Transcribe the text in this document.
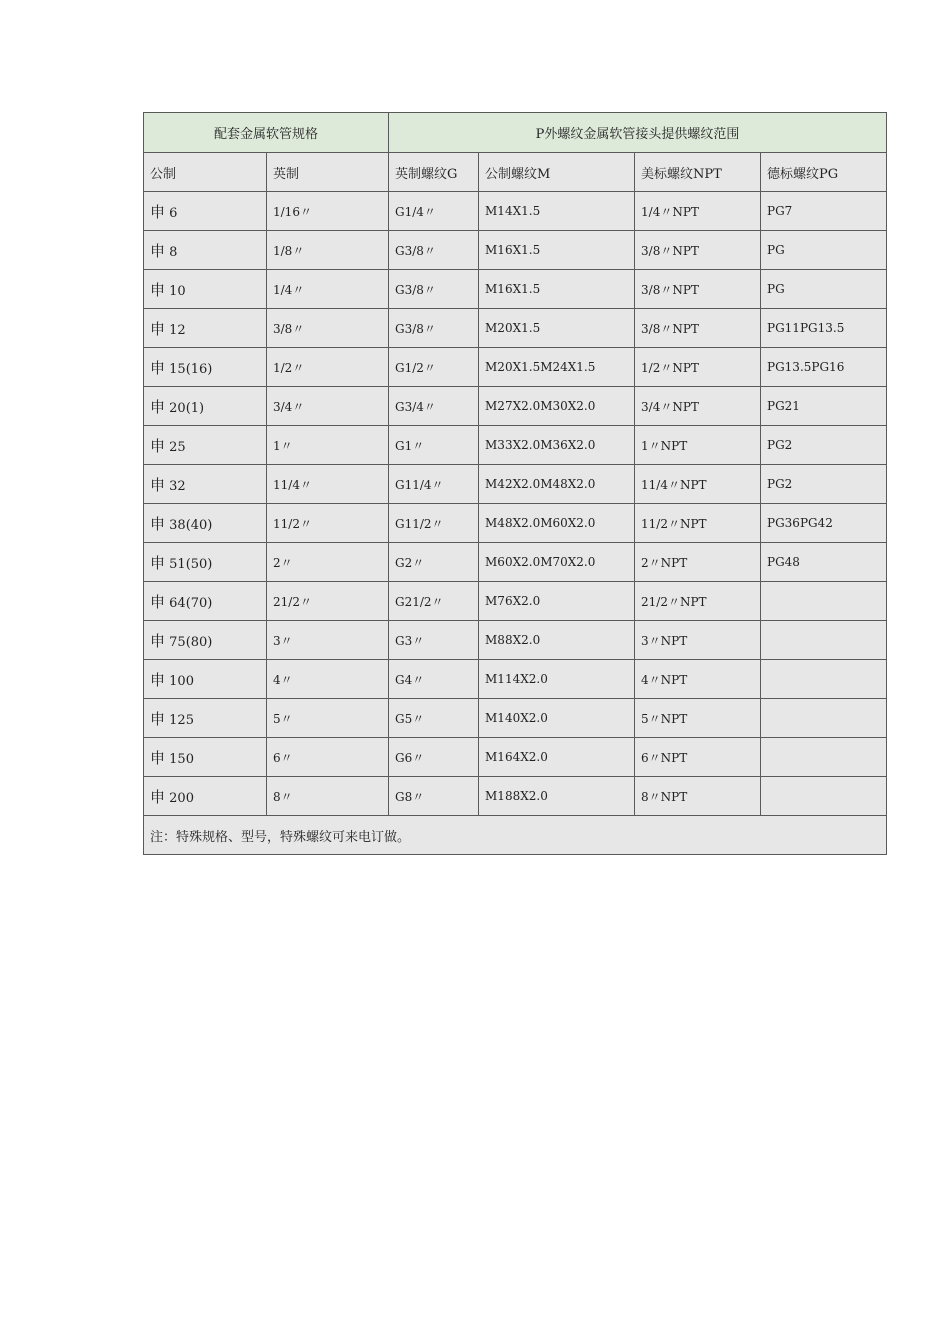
配套金属软管规格		P外螺纹金属软管接头提供螺纹范围			
公制	英制	英制螺纹G	公制螺纹M	美标螺纹NPT	德标螺纹PG
申 6	1/16〃	G1/4〃	M14X1.5	1/4〃NPT	PG7
申 8	1/8〃	G3/8〃	M16X1.5	3/8〃NPT	PG
申 10	1/4〃	G3/8〃	M16X1.5	3/8〃NPT	PG
申 12	3/8〃	G3/8〃	M20X1.5	3/8〃NPT	PG11PG13.5
申 15(16)	1/2〃	G1/2〃	M20X1.5M24X1.5	1/2〃NPT	PG13.5PG16
申 20(1)	3/4〃	G3/4〃	M27X2.0M30X2.0	3/4〃NPT	PG21
申 25	1〃	G1〃	M33X2.0M36X2.0	1〃NPT	PG2
申 32	11/4〃	G11/4〃	M42X2.0M48X2.0	11/4〃NPT	PG2
申 38(40)	11/2〃	G11/2〃	M48X2.0M60X2.0	11/2〃NPT	PG36PG42
申 51(50)	2〃	G2〃	M60X2.0M70X2.0	2〃NPT	PG48
申 64(70)	21/2〃	G21/2〃	M76X2.0	21/2〃NPT	
申 75(80)	3〃	G3〃	M88X2.0	3〃NPT	
申 100	4〃	G4〃	M114X2.0	4〃NPT	
申 125	5〃	G5〃	M140X2.0	5〃NPT	
申 150	6〃	G6〃	M164X2.0	6〃NPT	
申 200	8〃	G8〃	M188X2.0	8〃NPT	
注：特殊规格、型号，特殊螺纹可来电订做。					
